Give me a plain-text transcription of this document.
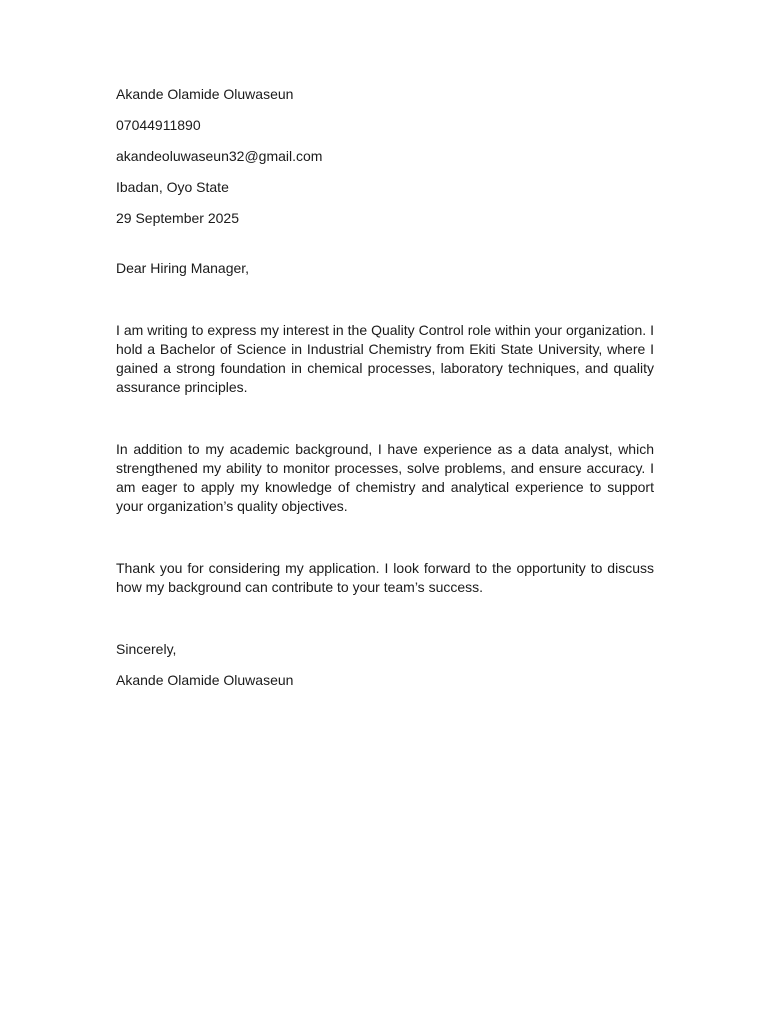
Akande Olamide Oluwaseun

07044911890

akandeoluwaseun32@gmail.com

Ibadan, Oyo State

29 September 2025

Dear Hiring Manager,

I am writing to express my interest in the Quality Control role within your organization. I hold a Bachelor of Science in Industrial Chemistry from Ekiti State University, where I gained a strong foundation in chemical processes, laboratory techniques, and quality assurance principles.

In addition to my academic background, I have experience as a data analyst, which strengthened my ability to monitor processes, solve problems, and ensure accuracy. I am eager to apply my knowledge of chemistry and analytical experience to support your organization’s quality objectives.

Thank you for considering my application. I look forward to the opportunity to discuss how my background can contribute to your team’s success.

Sincerely,

Akande Olamide Oluwaseun
